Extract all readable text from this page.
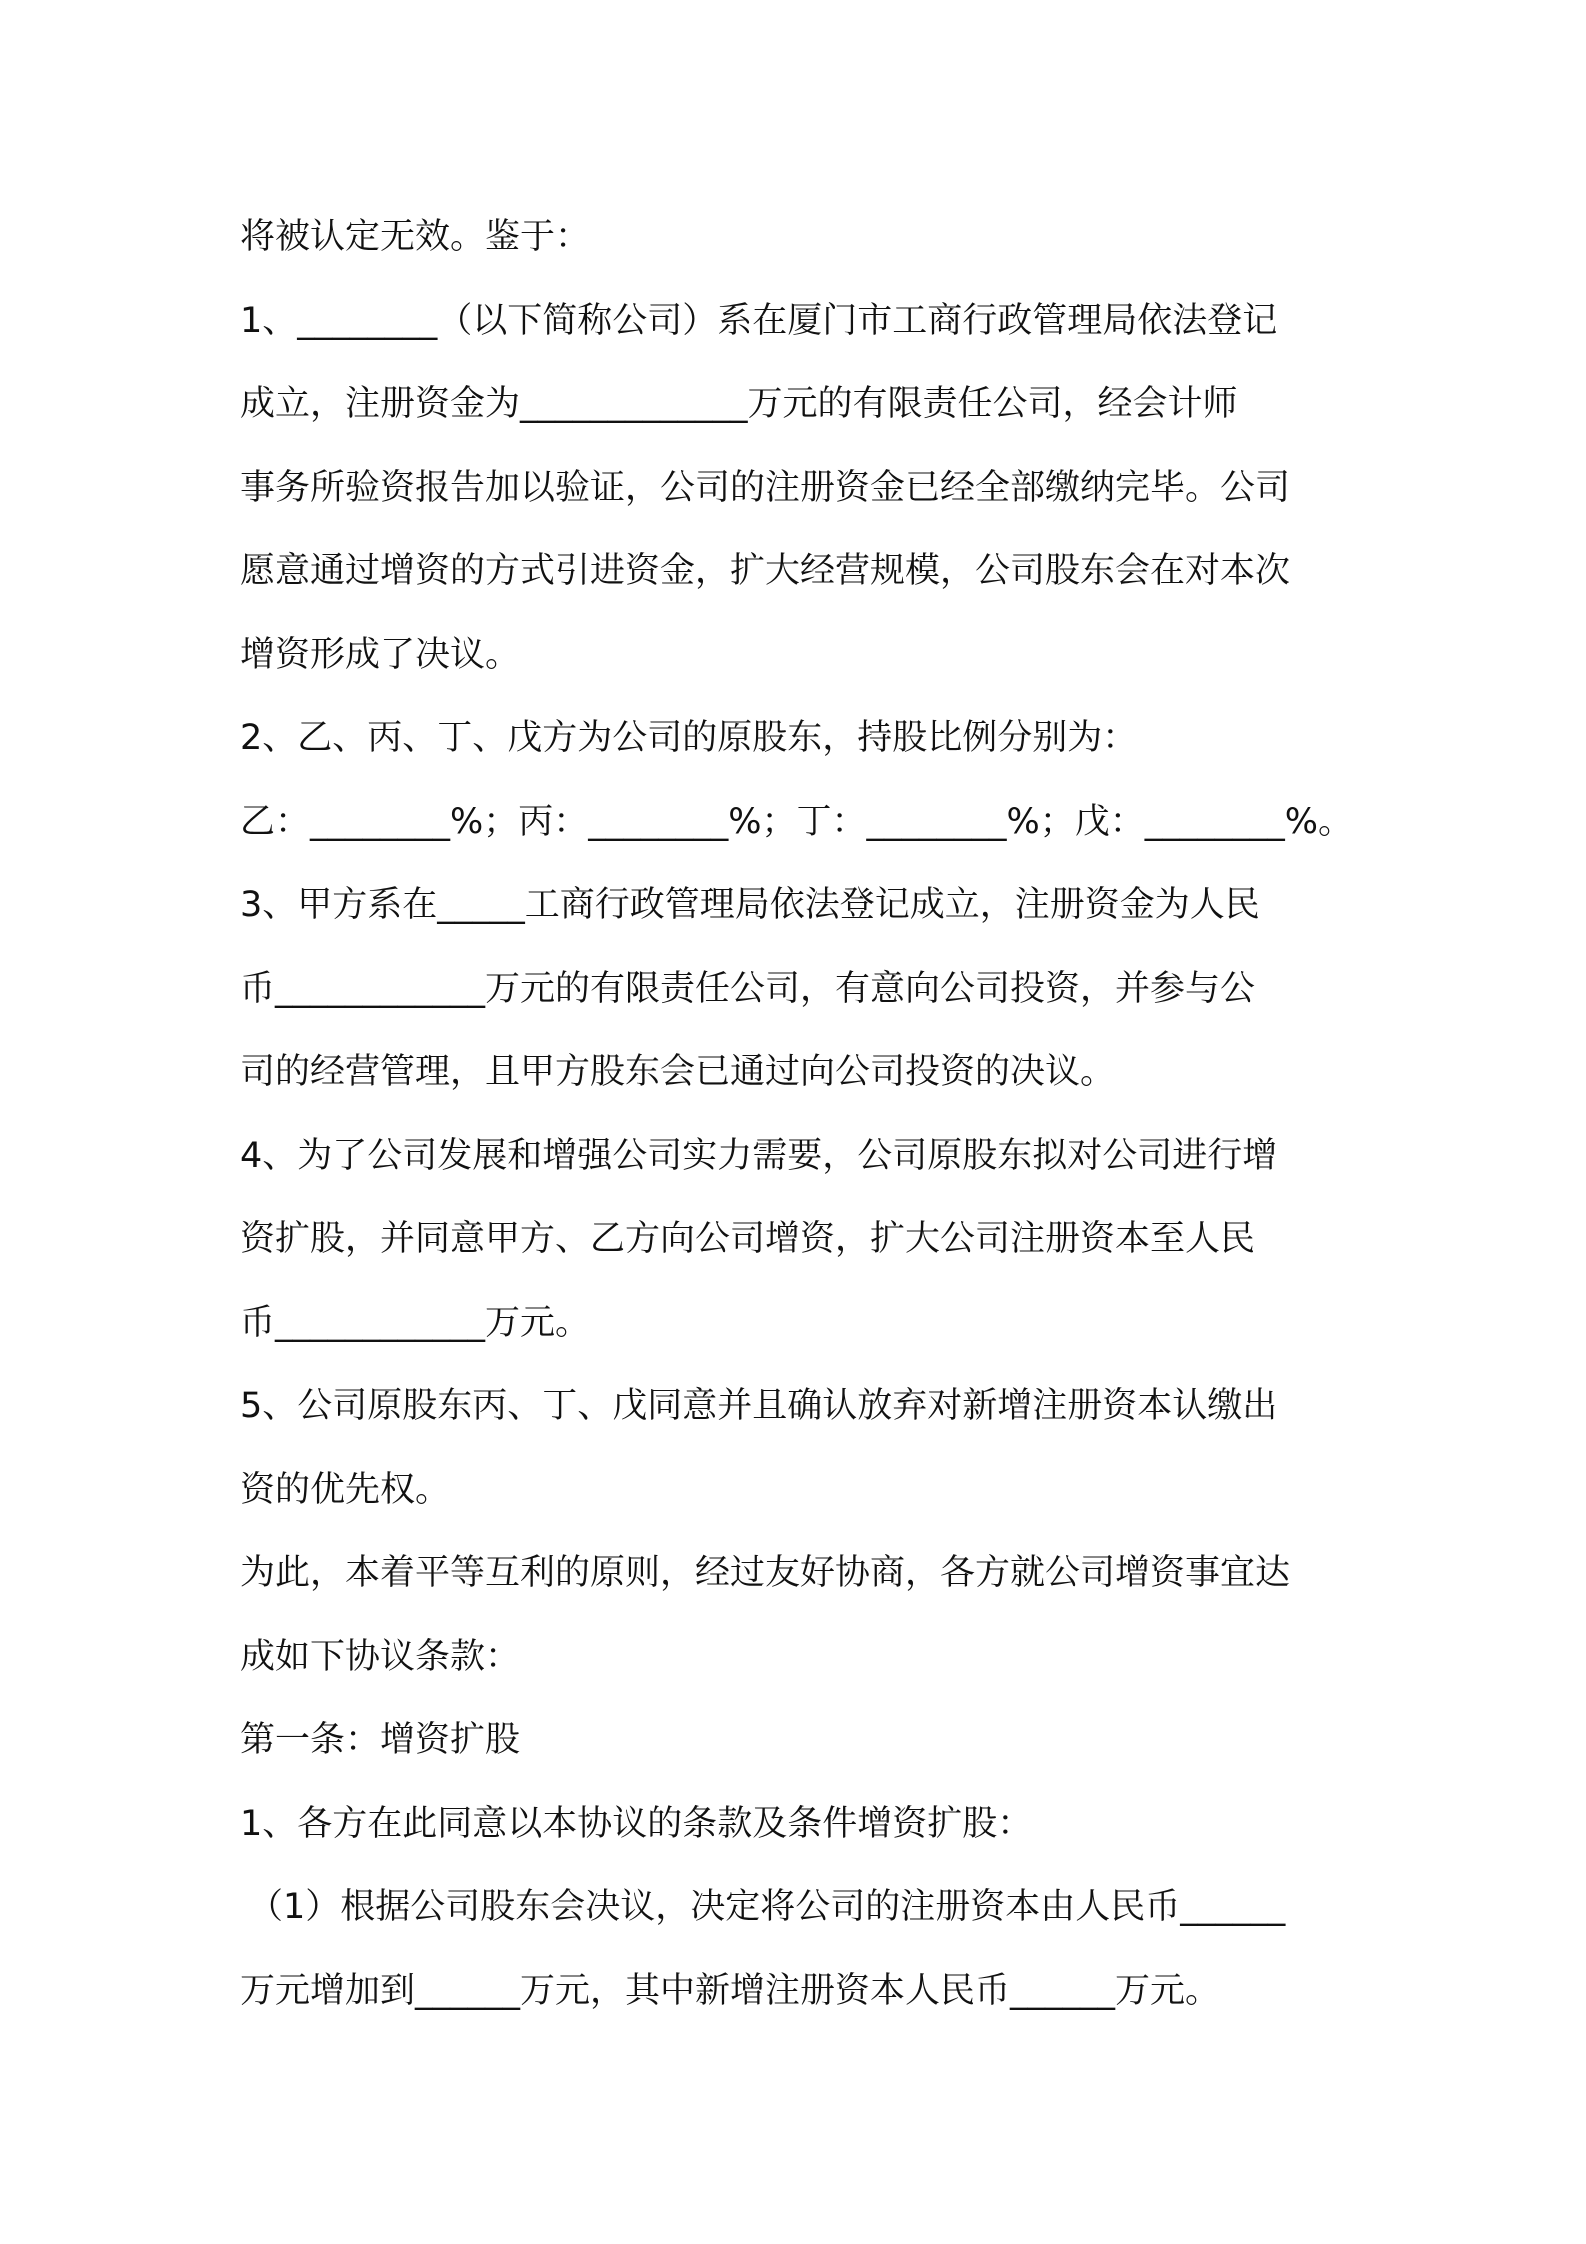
将被认定无效。鉴于：
1、________（以下简称公司）系在厦门市工商行政管理局依法登记
成立，注册资金为_____________万元的有限责任公司，经会计师
事务所验资报告加以验证，公司的注册资金已经全部缴纳完毕。公司
愿意通过增资的方式引进资金，扩大经营规模，公司股东会在对本次
增资形成了决议。
2、乙、丙、丁、戊方为公司的原股东，持股比例分别为：
乙：________%；丙：________%；丁：________%；戊：________%。
3、甲方系在_____工商行政管理局依法登记成立，注册资金为人民
币____________万元的有限责任公司，有意向公司投资，并参与公
司的经营管理，且甲方股东会已通过向公司投资的决议。
4、为了公司发展和增强公司实力需要，公司原股东拟对公司进行增
资扩股，并同意甲方、乙方向公司增资，扩大公司注册资本至人民
币____________万元。
5、公司原股东丙、丁、戊同意并且确认放弃对新增注册资本认缴出
资的优先权。
为此，本着平等互利的原则，经过友好协商，各方就公司增资事宜达
成如下协议条款：
第一条：增资扩股
1、各方在此同意以本协议的条款及条件增资扩股：
（1）根据公司股东会决议，决定将公司的注册资本由人民币______
万元增加到______万元，其中新增注册资本人民币______万元。
